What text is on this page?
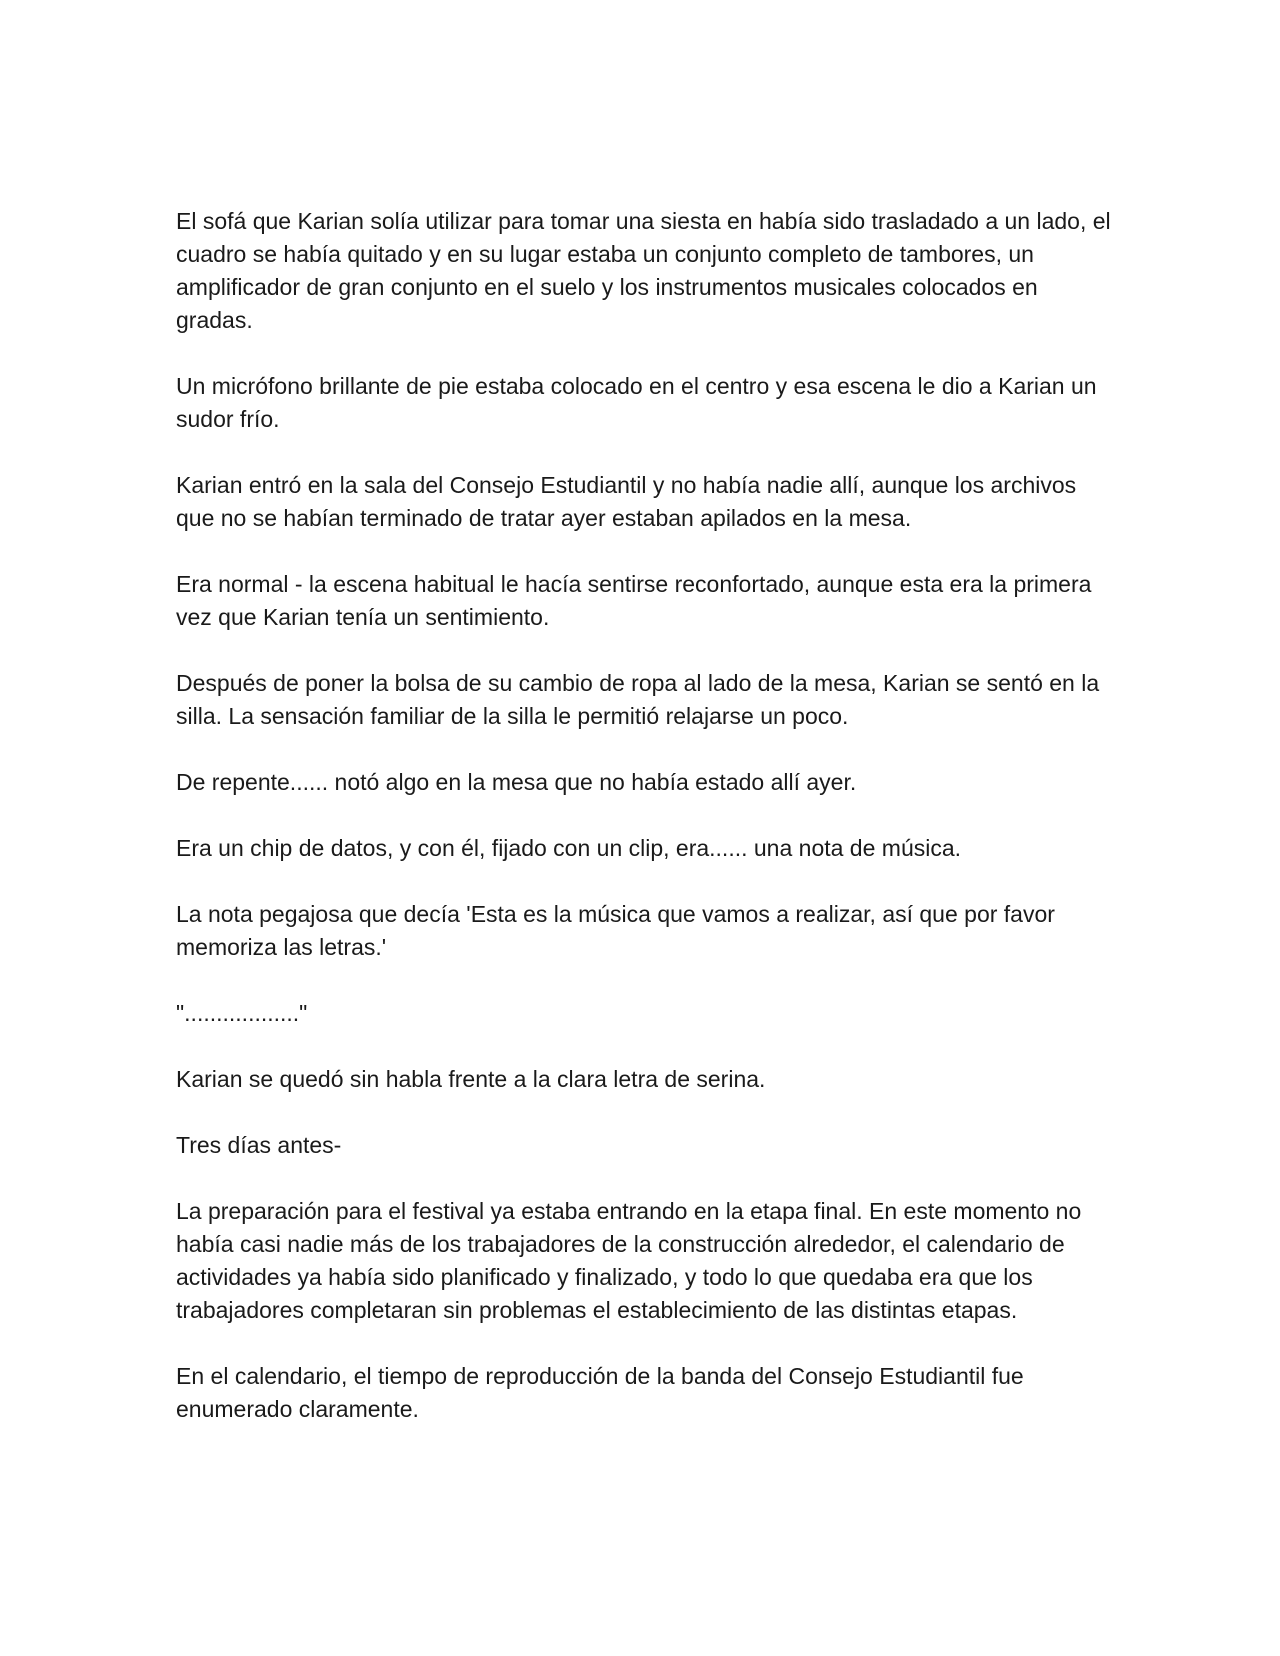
El sofá que Karian solía utilizar para tomar una siesta en había sido trasladado a un lado, el cuadro se había quitado y en su lugar estaba un conjunto completo de tambores, un amplificador de gran conjunto en el suelo y los instrumentos musicales colocados en gradas.

Un micrófono brillante de pie estaba colocado en el centro y esa escena le dio a Karian un sudor frío.

Karian entró en la sala del Consejo Estudiantil y no había nadie allí, aunque los archivos que no se habían terminado de tratar ayer estaban apilados en la mesa.

Era normal - la escena habitual le hacía sentirse reconfortado, aunque esta era la primera vez que Karian tenía un sentimiento.

Después de poner la bolsa de su cambio de ropa al lado de la mesa, Karian se sentó en la silla. La sensación familiar de la silla le permitió relajarse un poco.

De repente...... notó algo en la mesa que no había estado allí ayer.

Era un chip de datos, y con él, fijado con un clip, era...... una nota de música.

La nota pegajosa que decía 'Esta es la música que vamos a realizar, así que por favor memoriza las letras.'

".................."

Karian se quedó sin habla frente a la clara letra de serina.

Tres días antes-

La preparación para el festival ya estaba entrando en la etapa final. En este momento no había casi nadie más de los trabajadores de la construcción alrededor, el calendario de actividades ya había sido planificado y finalizado, y todo lo que quedaba era que los trabajadores completaran sin problemas el establecimiento de las distintas etapas.

En el calendario, el tiempo de reproducción de la banda del Consejo Estudiantil fue enumerado claramente.
